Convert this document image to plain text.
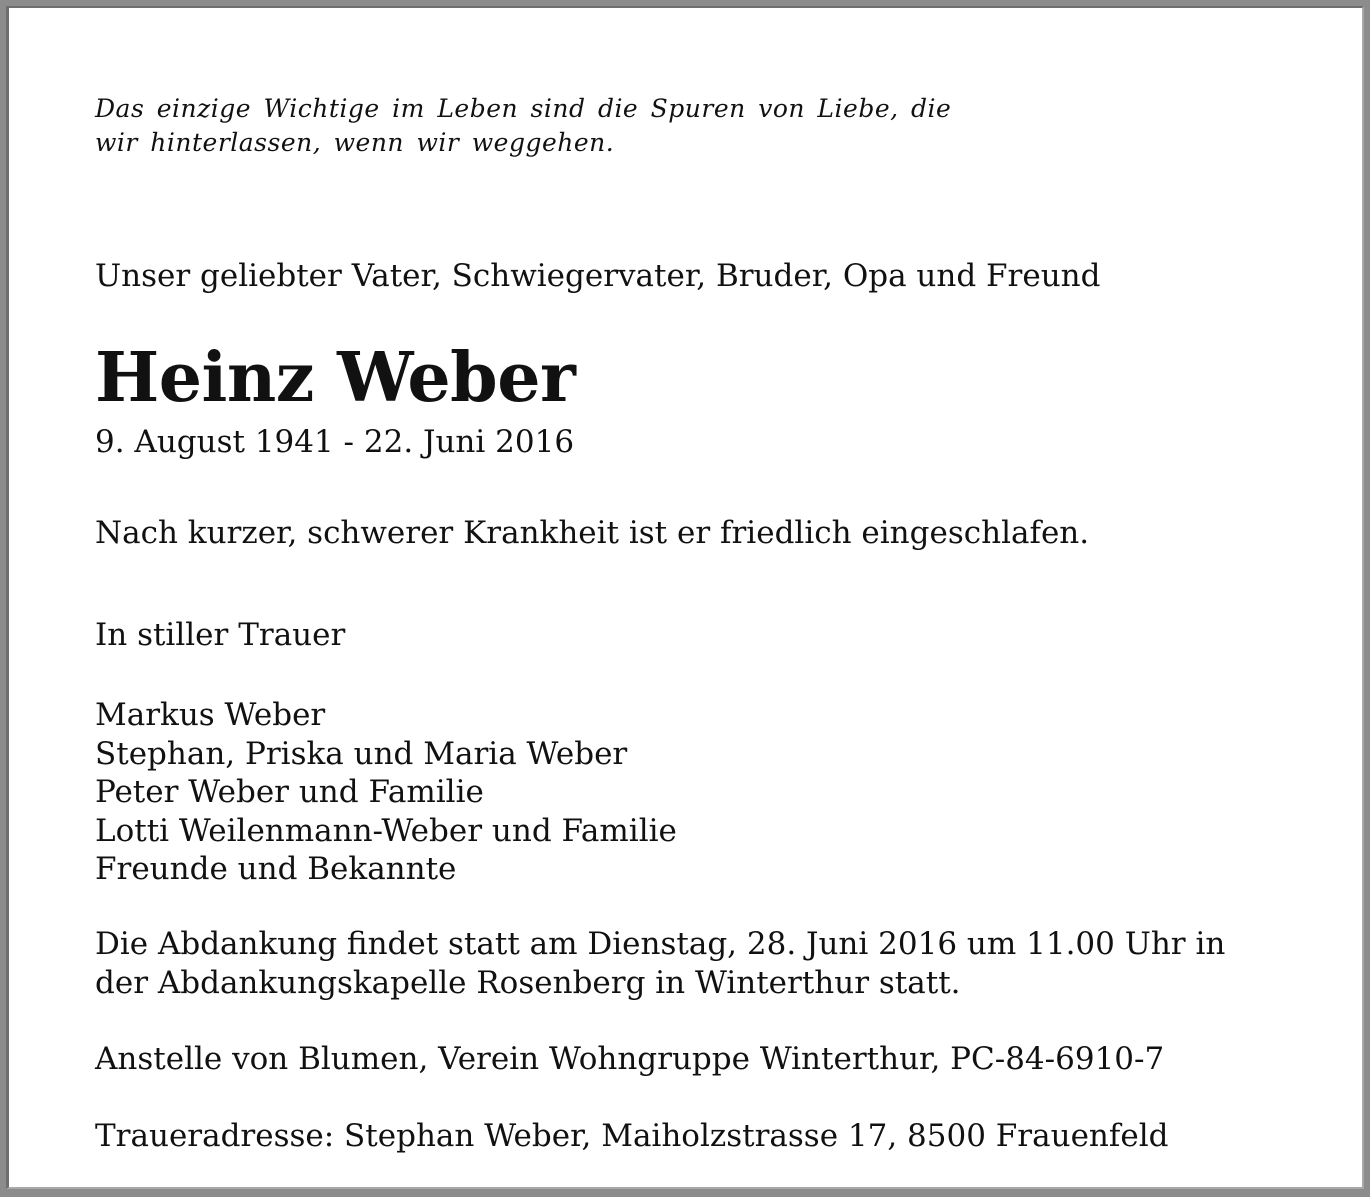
Das einzige Wichtige im Leben sind die Spuren von Liebe, die
wir hinterlassen, wenn wir weggehen.

Unser geliebter Vater, Schwiegervater, Bruder, Opa und Freund

Heinz Weber

9. August 1941 - 22. Juni 2016

Nach kurzer, schwerer Krankheit ist er friedlich eingeschlafen.

In stiller Trauer

Markus Weber
Stephan, Priska und Maria Weber
Peter Weber und Familie
Lotti Weilenmann-Weber und Familie
Freunde und Bekannte
Die Abdankung findet statt am Dienstag, 28. Juni 2016 um 11.00 Uhr in
der Abdankungskapelle Rosenberg in Winterthur statt.

Anstelle von Blumen, Verein Wohngruppe Winterthur, PC-84-6910-7

Traueradresse: Stephan Weber, Maiholzstrasse 17, 8500 Frauenfeld
